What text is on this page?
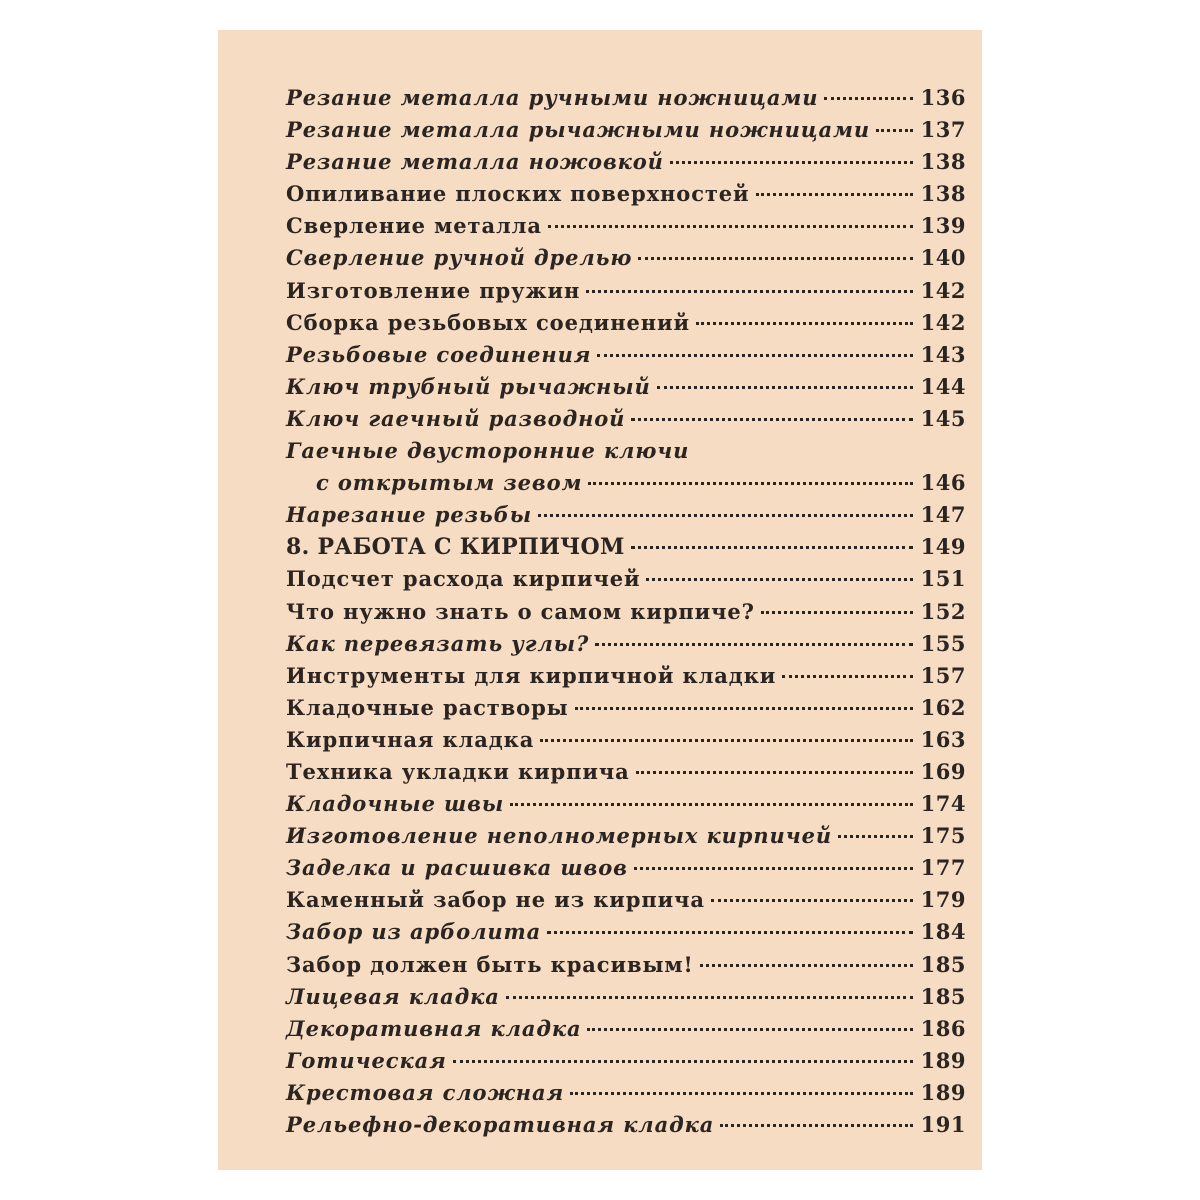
Резание металла ручными ножницами	136
Резание металла рычажными ножницами 137
Резание металла ножовкой	138
Опиливание плоских поверхностей	138
Сверление металла	139
Сверление ручной дрелью	140
Изготовление пружин	142
Сборка резьбовых соединений	142
Резьбовые соединения	143
Ключ трубный рычажный	144
Ключ гаечный разводной	145
Гаечные двусторонние ключи
с открытым зевом	146
Нарезание резьбы	147
8. РАБОТА С КИРПИЧОМ	149
Подсчет расхода кирпичей	151
Что нужно знать о самом кирпиче?	152
Как перевязать углы?	155
Инструменты для кирпичной кладки	157
Кладочные растворы	162
Кирпичная кладка	163
Техника укладки кирпича	169
Кладочные швы	174
Изготовление неполномерных кирпичей	175
Заделка и расшивка швов	177
Каменный забор не из кирпича	179
Забор из арболита	184
Забор должен быть красивым!	185
Лицевая кладка	185
Декоративная кладка	186
Готическая	189
Крестовая сложная	189
Рельефно-декоративная кладка	191
